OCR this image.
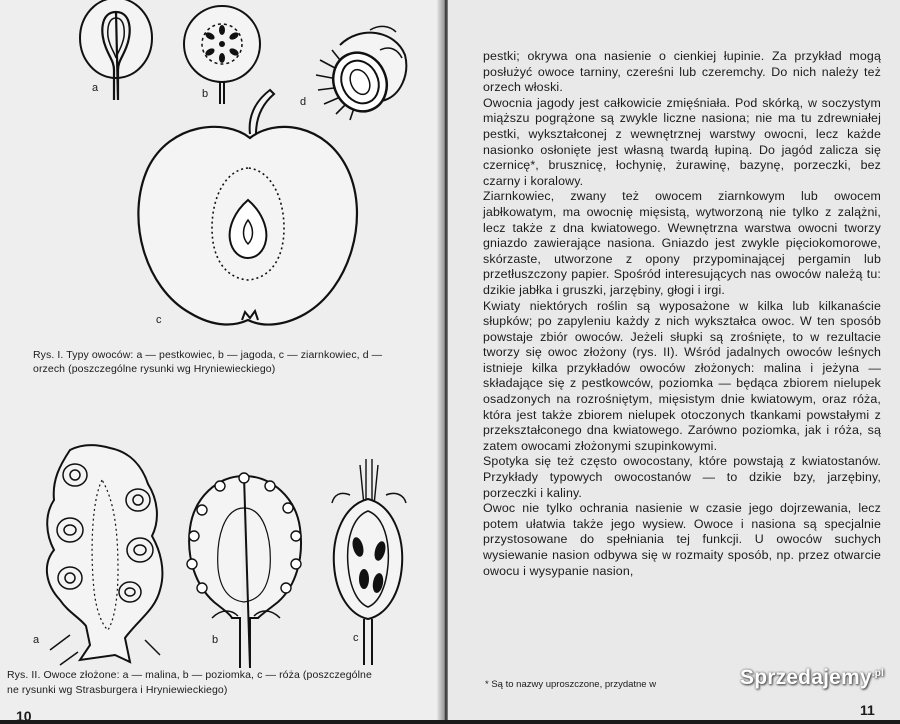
a	b
d
c
Rys. I. Typy owoców: a — pestkowiec, b — jagoda, c — ziarnkowiec, d —
orzech (poszczególne rysunki wg Hryniewieckiego)
a	b	c
Rys. II. Owoce złożone: a — malina, b — poziomka, c — róża (poszczególne
ne rysunki wg Strasburgera i Hryniewieckiego)
10

pestki; okrywa ona nasienie o cienkiej łupinie. Za przykład mogą posłużyć owoce tarniny, czereśni lub czeremchy. Do nich należy też orzech włoski.

Owocnia jagody jest całkowicie zmięśniała. Pod skórką, w soczystym miąższu pogrążone są zwykle liczne nasiona; nie ma tu zdrewniałej pestki, wykształconej z wewnętrznej warstwy owocni, lecz każde nasionko osłonięte jest własną twardą łupiną. Do jagód zalicza się czernicę*, brusznicę, łochynię, żurawinę, bazynę, porzeczki, bez czarny i koralowy.

Ziarnkowiec, zwany też owocem ziarnkowym lub owocem jabłkowatym, ma owocnię mięsistą, wytworzoną nie tylko z zalążni, lecz także z dna kwiatowego. Wewnętrzna warstwa owocni tworzy gniazdo zawierające nasiona. Gniazdo jest zwykle pięciokomorowe, skórzaste, utworzone z opony przypominającej pergamin lub przetłuszczony papier. Spośród interesujących nas owoców należą tu: dzikie jabłka i gruszki, jarzębiny, głogi i irgi.

Kwiaty niektórych roślin są wyposażone w kilka lub kilkanaście słupków; po zapyleniu każdy z nich wykształca owoc. W ten sposób powstaje zbiór owoców. Jeżeli słupki są zrośnięte, to w rezultacie tworzy się owoc złożony (rys. II). Wśród jadalnych owoców leśnych istnieje kilka przykładów owoców złożonych: malina i jeżyna — składające się z pestkowców, poziomka — będąca zbiorem nielupek osadzonych na rozrośniętym, mięsistym dnie kwiatowym, oraz róża, która jest także zbiorem nielupek otoczonych tkankami powstałymi z przekształconego dna kwiatowego. Zarówno poziomka, jak i róża, są zatem owocami złożonymi szupinkowymi.

Spotyka się też często owocostany, które powstają z kwiatostanów. Przykłady typowych owocostanów — to dzikie bzy, jarzębiny, porzeczki i kaliny.

Owoc nie tylko ochrania nasienie w czasie jego dojrzewania, lecz potem ułatwia także jego wysiew. Owoce i nasiona są specjalnie przystosowane do spełniania tej funkcji. U owoców suchych wysiewanie nasion odbywa się w rozmaity sposób, np. przez otwarcie owocu i wysypanie nasion,

* Są to nazwy uproszczone, przydatne w
11
Sprzedajemy$^{.pl}$
